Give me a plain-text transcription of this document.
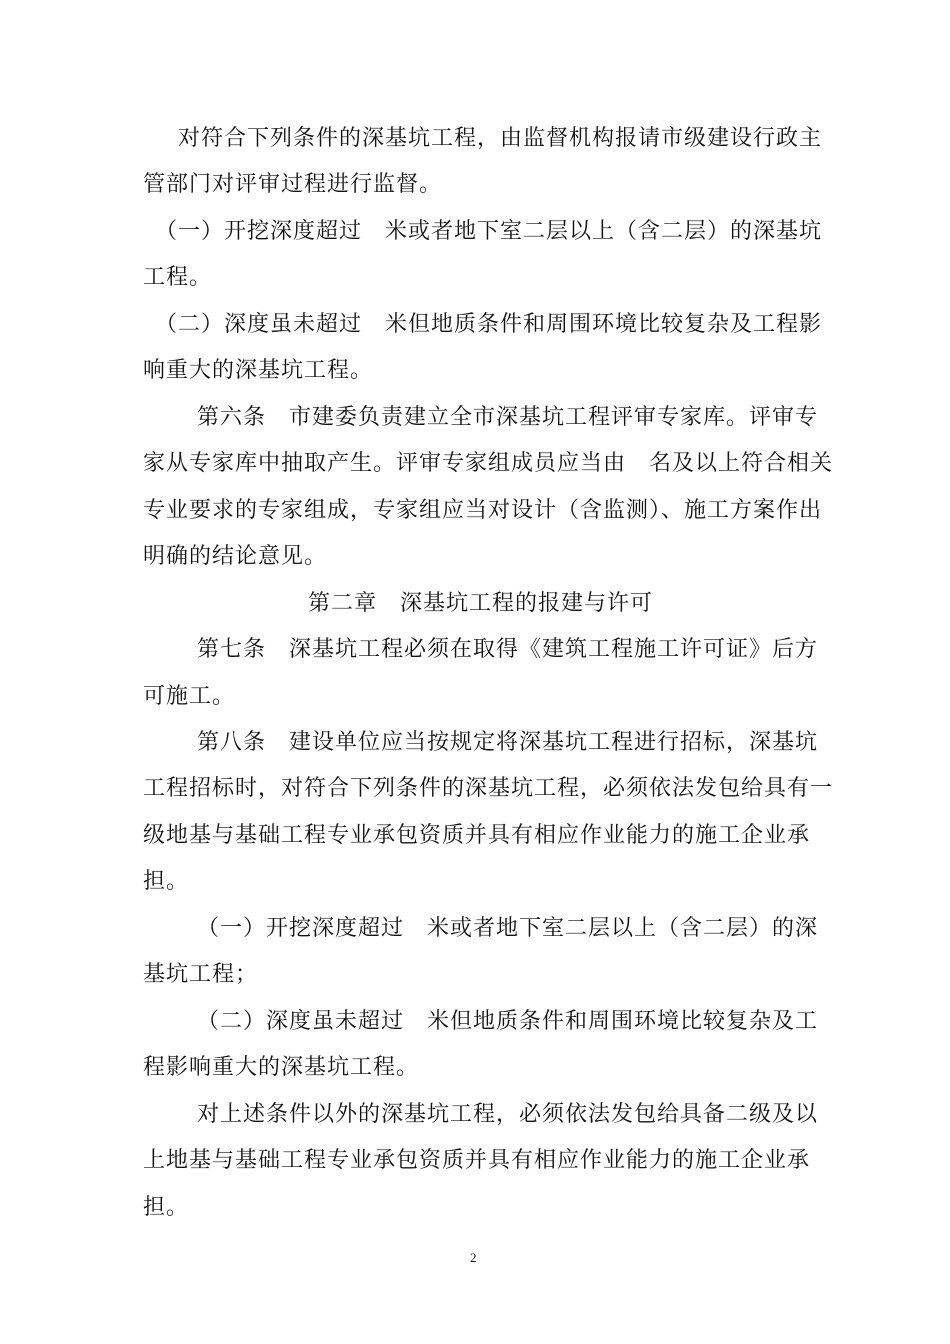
对符合下列条件的深基坑工程，由监督机构报请市级建设行政主
管部门对评审过程进行监督。
（一）开挖深度超过　米或者地下室二层以上（含二层）的深基坑
工程。
（二）深度虽未超过　米但地质条件和周围环境比较复杂及工程影
响重大的深基坑工程。
第六条　市建委负责建立全市深基坑工程评审专家库。评审专
家从专家库中抽取产生。评审专家组成员应当由　名及以上符合相关
专业要求的专家组成，专家组应当对设计（含监测）、施工方案作出
明确的结论意见。
第二章　深基坑工程的报建与许可
第七条　深基坑工程必须在取得《建筑工程施工许可证》后方
可施工。
第八条　建设单位应当按规定将深基坑工程进行招标，深基坑
工程招标时，对符合下列条件的深基坑工程，必须依法发包给具有一
级地基与基础工程专业承包资质并具有相应作业能力的施工企业承
担。
（一）开挖深度超过　米或者地下室二层以上（含二层）的深
基坑工程；
（二）深度虽未超过　米但地质条件和周围环境比较复杂及工
程影响重大的深基坑工程。
对上述条件以外的深基坑工程，必须依法发包给具备二级及以
上地基与基础工程专业承包资质并具有相应作业能力的施工企业承
担。
2
